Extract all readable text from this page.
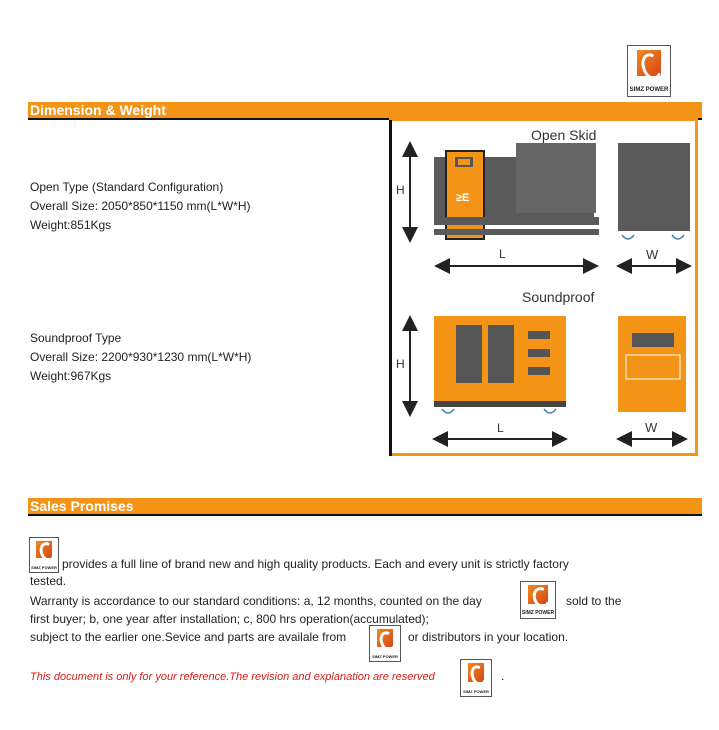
SIMZ POWER
Dimension & Weight
Open Type (Standard Configuration)
Overall Size: 2050*850*1150 mm(L*W*H)
Weight:851Kgs
Soundproof Type
Overall Size: 2200*930*1230 mm(L*W*H)
Weight:967Kgs
Open Skid
Soundproof
≥E
H
L	W
H
L	W
Sales Promises
SIMZ POWER
SIMZ POWER
SIMZ POWER
SIMZ POWER
provides a full line of brand new and high quality products. Each and every unit is strictly factory
tested.
Warranty is accordance to our standard conditions: a, 12 months, counted on the day	sold to the
first buyer; b, one year after installation; c, 800 hrs operation(accumulated);
subject to the earlier one.Sevice and parts are availale from	or distributors in your location.
This document is only for your reference.The revision and explanation are reserved	.
